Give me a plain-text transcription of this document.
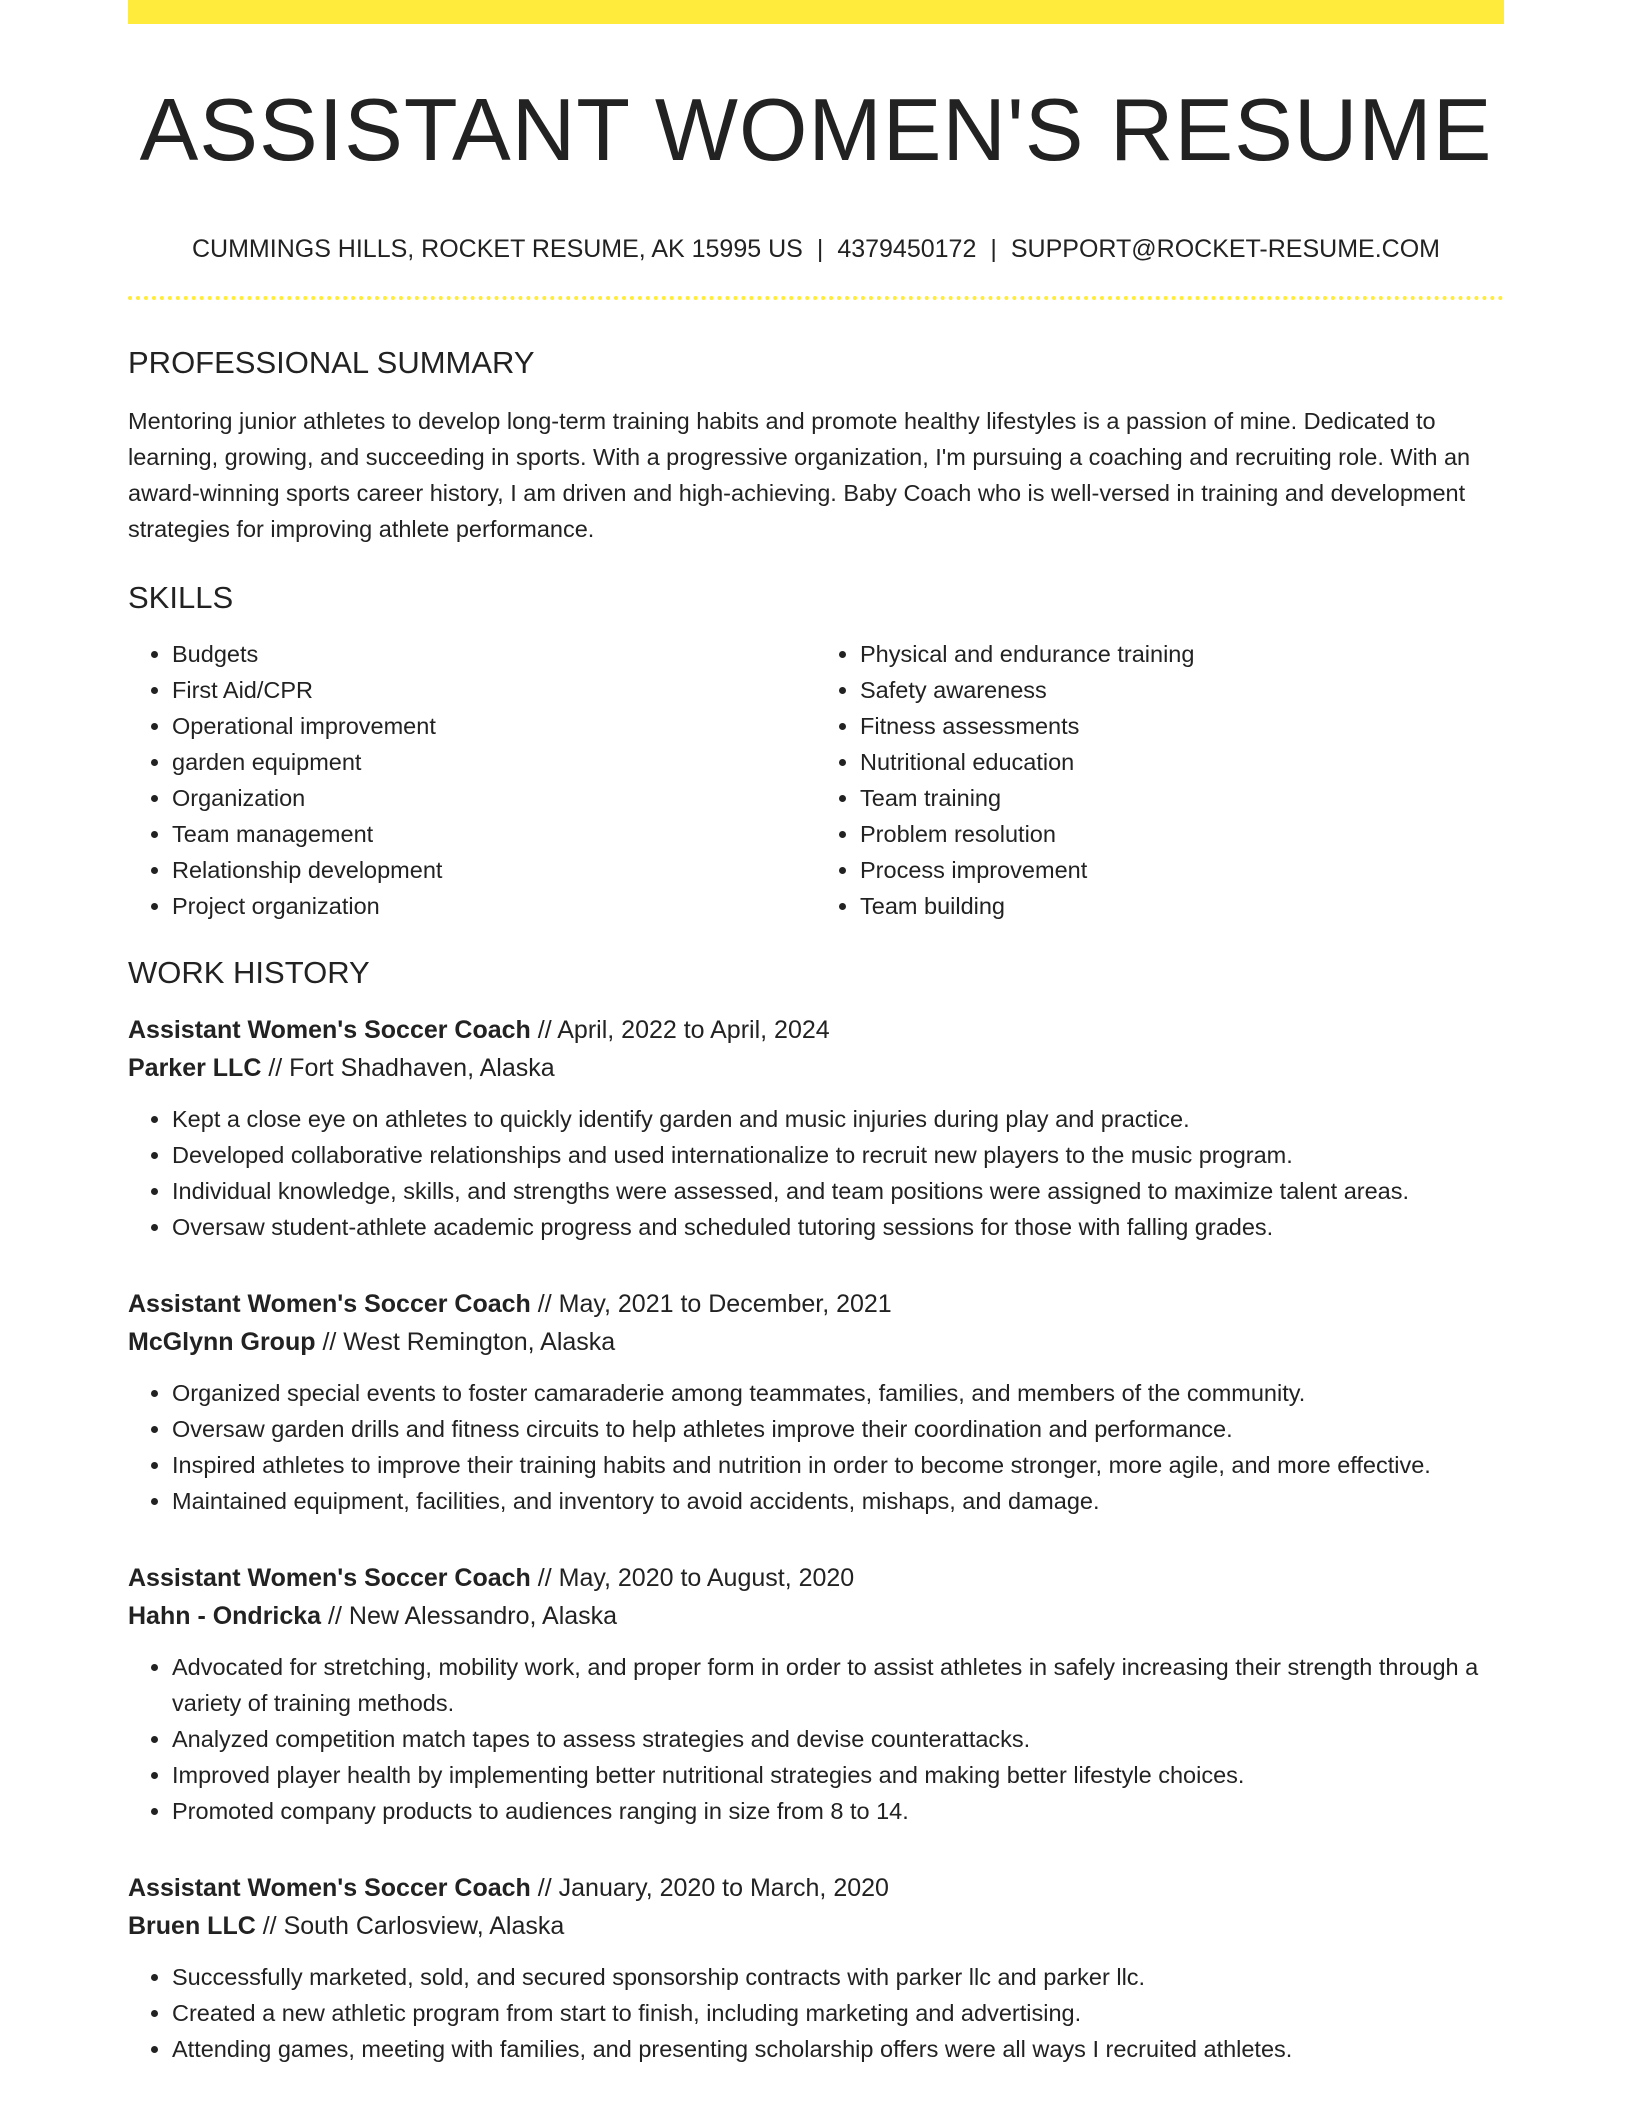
ASSISTANT WOMEN'S RESUME
CUMMINGS HILLS, ROCKET RESUME, AK 15995 US | 4379450172 | SUPPORT@ROCKET-RESUME.COM
PROFESSIONAL SUMMARY

Mentoring junior athletes to develop long-term training habits and promote healthy lifestyles is a passion of mine. Dedicated to learning, growing, and succeeding in sports. With a progressive organization, I'm pursuing a coaching and recruiting role. With an award-winning sports career history, I am driven and high-achieving. Baby Coach who is well-versed in training and development strategies for improving athlete performance.

SKILLS
• Budgets
• First Aid/CPR
• Operational improvement
• garden equipment
• Organization
• Team management
• Relationship development
• Project organization
• Physical and endurance training
• Safety awareness
• Fitness assessments
• Nutritional education
• Team training
• Problem resolution
• Process improvement
• Team building
WORK HISTORY
Assistant Women's Soccer Coach // April, 2022 to April, 2024
Parker LLC // Fort Shadhaven, Alaska
• Kept a close eye on athletes to quickly identify garden and music injuries during play and practice.
• Developed collaborative relationships and used internationalize to recruit new players to the music program.
• Individual knowledge, skills, and strengths were assessed, and team positions were assigned to maximize talent areas.
• Oversaw student-athlete academic progress and scheduled tutoring sessions for those with falling grades.
Assistant Women's Soccer Coach // May, 2021 to December, 2021
McGlynn Group // West Remington, Alaska
• Organized special events to foster camaraderie among teammates, families, and members of the community.
• Oversaw garden drills and fitness circuits to help athletes improve their coordination and performance.
• Inspired athletes to improve their training habits and nutrition in order to become stronger, more agile, and more effective.
• Maintained equipment, facilities, and inventory to avoid accidents, mishaps, and damage.
Assistant Women's Soccer Coach // May, 2020 to August, 2020
Hahn - Ondricka // New Alessandro, Alaska
• Advocated for stretching, mobility work, and proper form in order to assist athletes in safely increasing their strength through a variety of training methods.
• Analyzed competition match tapes to assess strategies and devise counterattacks.
• Improved player health by implementing better nutritional strategies and making better lifestyle choices.
• Promoted company products to audiences ranging in size from 8 to 14.
Assistant Women's Soccer Coach // January, 2020 to March, 2020
Bruen LLC // South Carlosview, Alaska
• Successfully marketed, sold, and secured sponsorship contracts with parker llc and parker llc.
• Created a new athletic program from start to finish, including marketing and advertising.
• Attending games, meeting with families, and presenting scholarship offers were all ways I recruited athletes.
